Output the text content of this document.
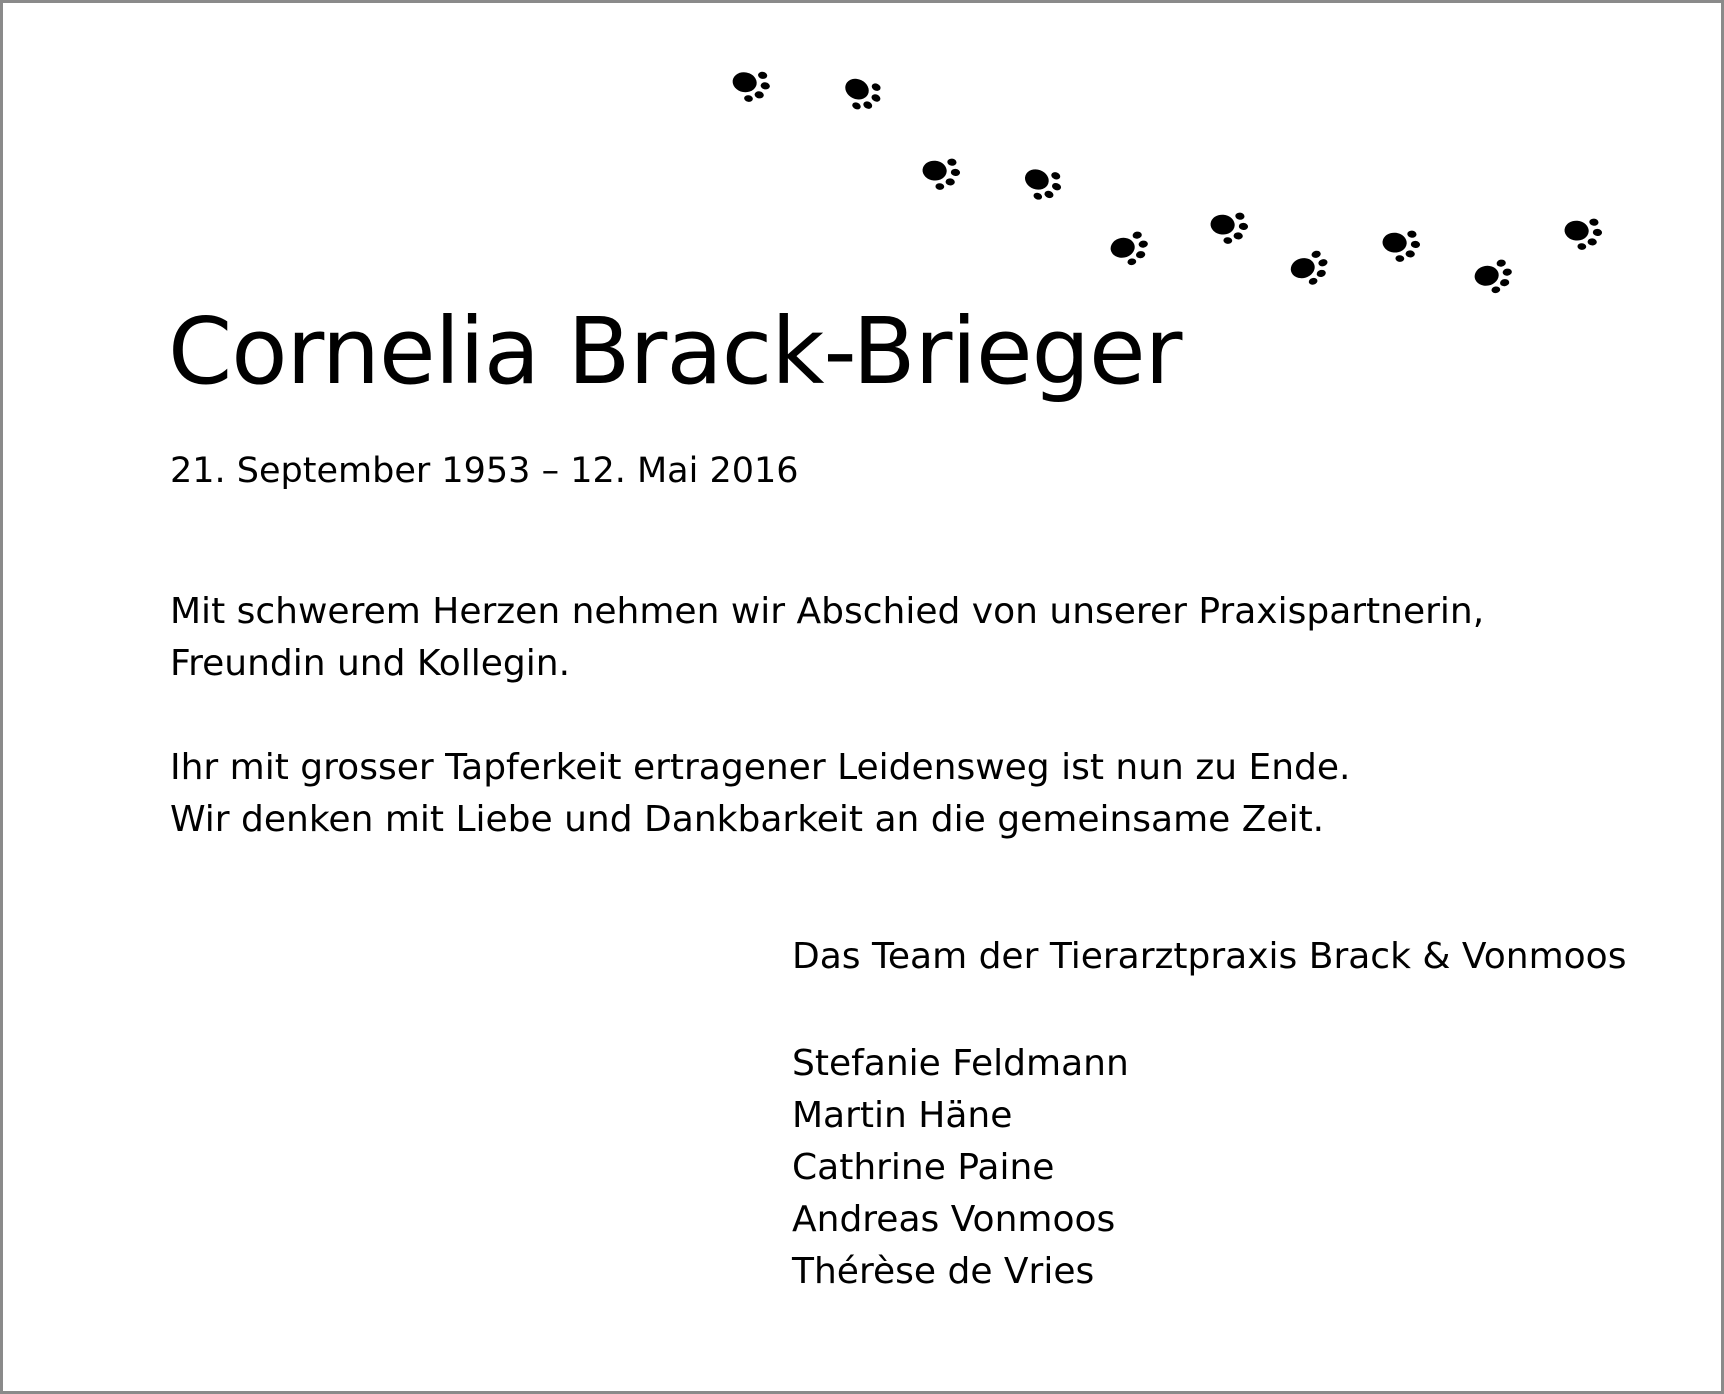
Cornelia Brack-Brieger
21. September 1953 – 12. Mai 2016

Mit schwerem Herzen nehmen wir Abschied von unserer Praxispartnerin, Freundin und Kollegin.

Ihr mit grosser Tapferkeit ertragener Leidensweg ist nun zu Ende.
Wir denken mit Liebe und Dankbarkeit an die gemeinsame Zeit.

Das Team der Tierarztpraxis Brack & Vonmoos
Stefanie Feldmann
Martin Häne
Cathrine Paine
Andreas Vonmoos
Thérèse de Vries
